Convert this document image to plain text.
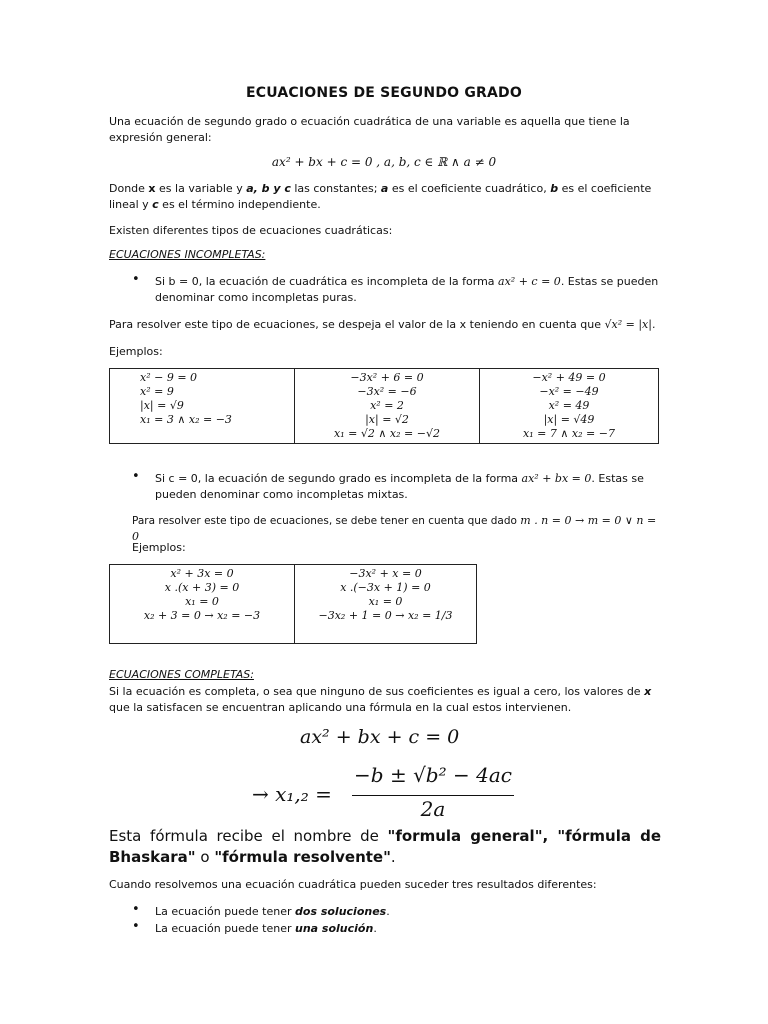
ECUACIONES DE SEGUNDO GRADO
Una ecuación de segundo grado o ecuación cuadrática de una variable es aquella que tiene la expresión general:
ax² + bx + c = 0 , a, b, c ∈ ℝ ∧ a ≠ 0
Donde x es la variable y a, b y c las constantes; a es el coeficiente cuadrático, b es el coeficiente lineal y c es el término independiente.
Existen diferentes tipos de ecuaciones cuadráticas:
ECUACIONES INCOMPLETAS:
• Si b = 0, la ecuación de cuadrática es incompleta de la forma ax² + c = 0. Estas se pueden denominar como incompletas puras.
Para resolver este tipo de ecuaciones, se despeja el valor de la x teniendo en cuenta que √x² = |x|.
Ejemplos:
x² − 9 = 0
x² = 9
|x| = √9
x₁ = 3 ∧ x₂ = −3

−3x² + 6 = 0
−3x² = −6
x² = 2
|x| = √2
x₁ = √2 ∧ x₂ = −√2

−x² + 49 = 0
−x² = −49
x² = 49
|x| = √49
x₁ = 7 ∧ x₂ = −7
• Si c = 0, la ecuación de segundo grado es incompleta de la forma ax² + bx = 0. Estas se pueden denominar como incompletas mixtas.
Para resolver este tipo de ecuaciones, se debe tener en cuenta que dado m . n = 0 → m = 0 ∨ n = 0
Ejemplos:
x² + 3x = 0
x .(x + 3) = 0
x₁ = 0
x₂ + 3 = 0 → x₂ = −3

−3x² + x = 0
x .(−3x + 1) = 0
x₁ = 0
−3x₂ + 1 = 0 → x₂ = 1/3
ECUACIONES COMPLETAS:
Si la ecuación es completa, o sea que ninguno de sus coeficientes es igual a cero, los valores de x que la satisfacen se encuentran aplicando una fórmula en la cual estos intervienen.
ax² + bx + c = 0
→ x₁,₂ =
−b ± √b² − 4ac
2a
Esta fórmula recibe el nombre de "formula general", "fórmula de Bhaskara" o "fórmula resolvente".
Cuando resolvemos una ecuación cuadrática pueden suceder tres resultados diferentes:
• La ecuación puede tener dos soluciones.
• La ecuación puede tener una solución.
